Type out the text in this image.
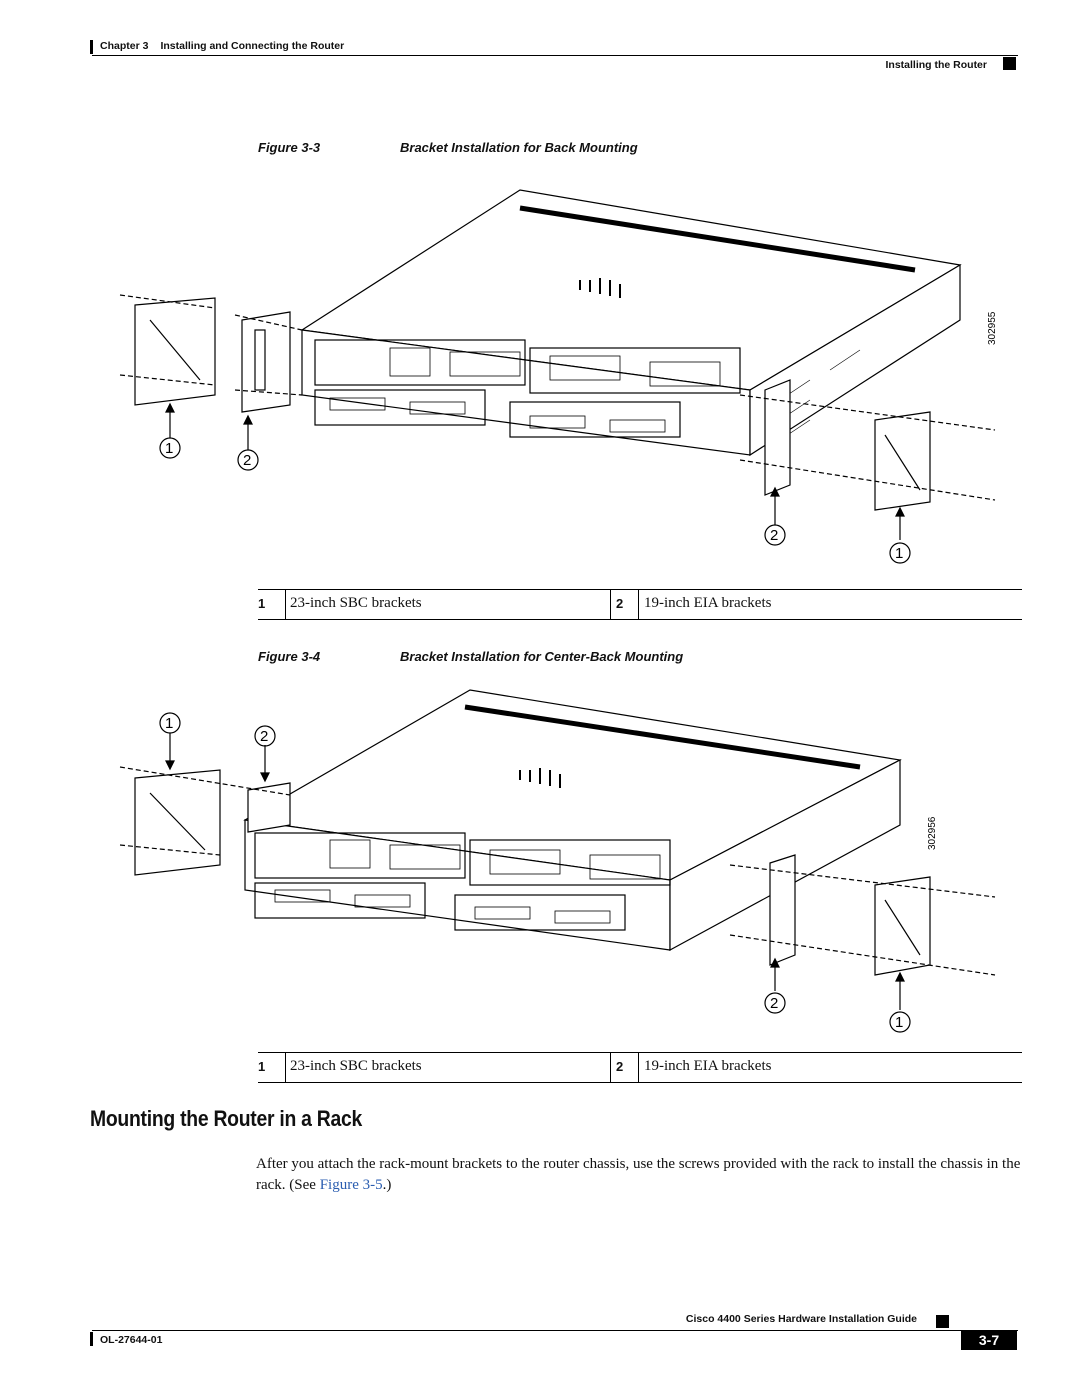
Chapter 3 Installing and Connecting the Router
Installing the Router
Figure 3-3	Bracket Installation for Back Mounting
1
2
2
1
302955
1 23-inch SBC brackets	2 19-inch EIA brackets
Figure 3-4	Bracket Installation for Center-Back Mounting
1
2
2
1
302956
1 23-inch SBC brackets	2 19-inch EIA brackets
Mounting the Router in a Rack
After you attach the rack-mount brackets to the router chassis, use the screws provided with the rack to install the chassis in the rack. (See Figure 3-5.)
Cisco 4400 Series Hardware Installation Guide
OL-27644-01	3-7
